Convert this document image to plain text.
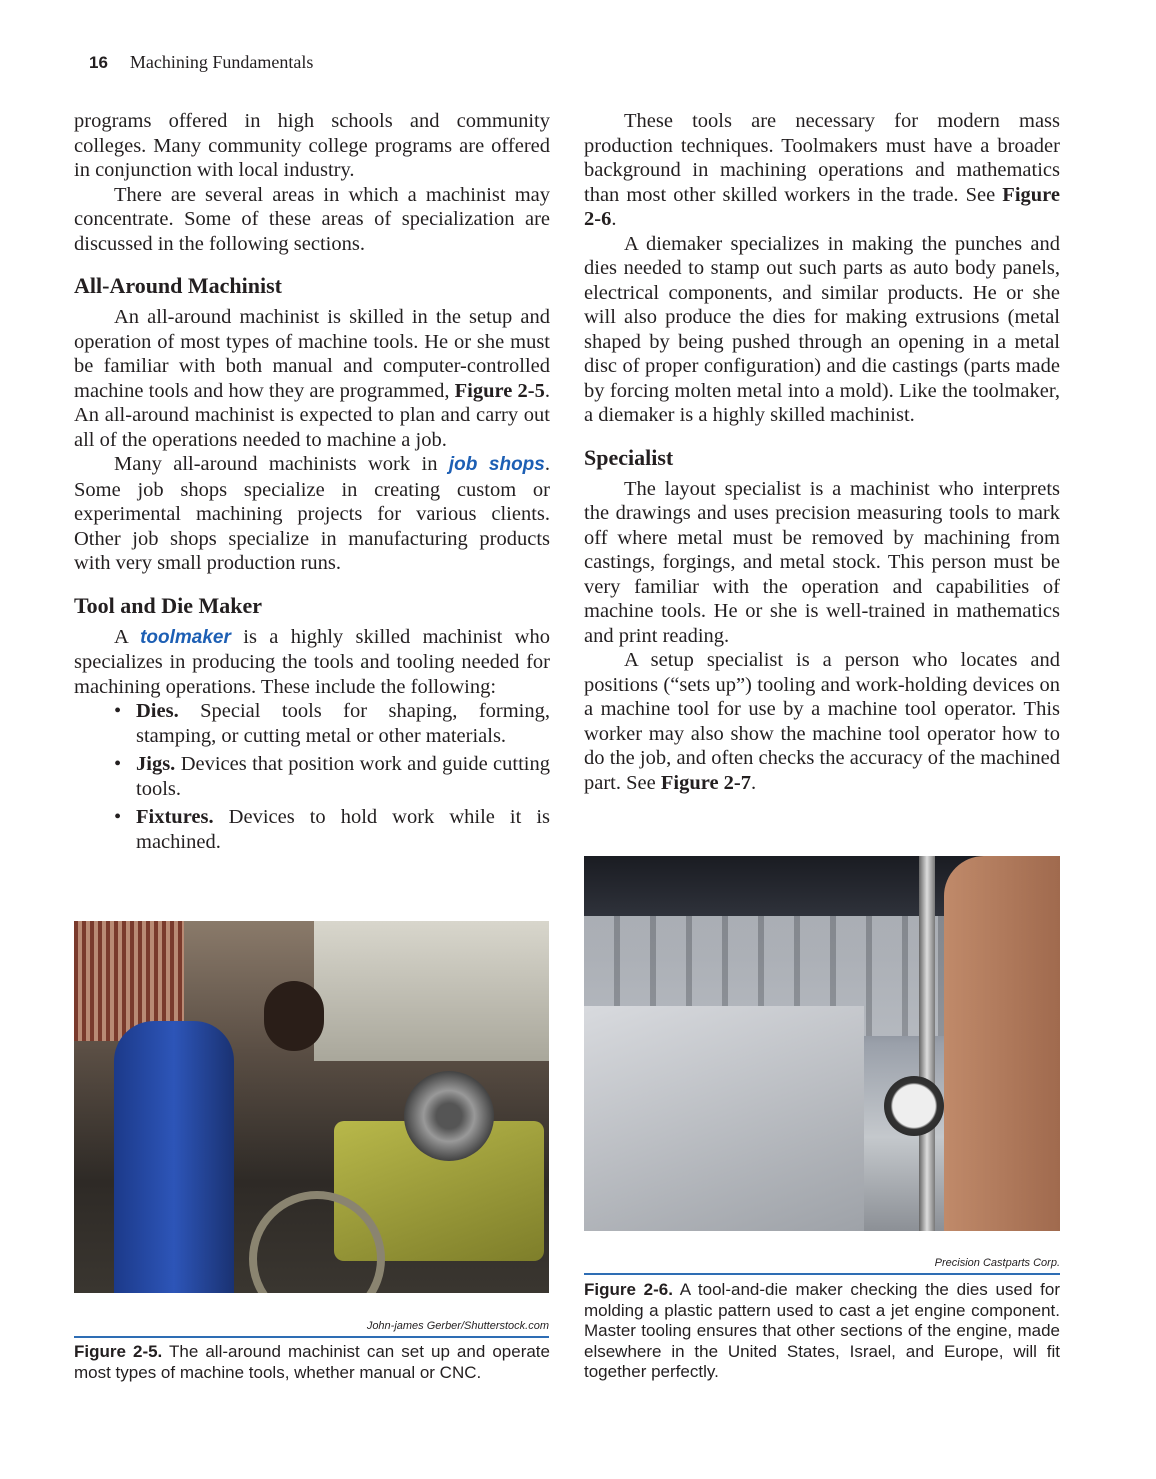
16 Machining Fundamentals

programs offered in high schools and community colleges. Many community college programs are offered in conjunction with local industry.

There are several areas in which a machinist may concentrate. Some of these areas of specialization are discussed in the following sections.

All-Around Machinist

An all-around machinist is skilled in the setup and operation of most types of machine tools. He or she must be familiar with both manual and computer-controlled machine tools and how they are programmed, Figure 2-5. An all-around machinist is expected to plan and carry out all of the operations needed to machine a job.

Many all-around machinists work in job shops. Some job shops specialize in creating custom or experimental machining projects for various clients. Other job shops specialize in manufacturing products with very small production runs.

Tool and Die Maker

A toolmaker is a highly skilled machinist who specializes in producing the tools and tooling needed for machining operations. These include the following:

• Dies. Special tools for shaping, forming, stamping, or cutting metal or other materials.
• Jigs. Devices that position work and guide cutting tools.
• Fixtures. Devices to hold work while it is machined.

These tools are necessary for modern mass production techniques. Toolmakers must have a broader background in machining operations and mathematics than most other skilled workers in the trade. See Figure 2-6.

A diemaker specializes in making the punches and dies needed to stamp out such parts as auto body panels, electrical components, and similar products. He or she will also produce the dies for making extrusions (metal shaped by being pushed through an opening in a metal disc of proper configuration) and die castings (parts made by forcing molten metal into a mold). Like the toolmaker, a diemaker is a highly skilled machinist.

Specialist

The layout specialist is a machinist who interprets the drawings and uses precision measuring tools to mark off where metal must be removed by machining from castings, forgings, and metal stock. This person must be very familiar with the operation and capabilities of machine tools. He or she is well-trained in mathematics and print reading.

A setup specialist is a person who locates and positions (“sets up”) tooling and work-holding devices on a machine tool for use by a machine tool operator. This worker may also show the machine tool operator how to do the job, and often checks the accuracy of the machined part. See Figure 2-7.

John-james Gerber/Shutterstock.com
Figure 2-5. The all-around machinist can set up and operate most types of machine tools, whether manual or CNC.
Precision Castparts Corp.
Figure 2-6. A tool-and-die maker checking the dies used for molding a plastic pattern used to cast a jet engine component. Master tooling ensures that other sections of the engine, made elsewhere in the United States, Israel, and Europe, will fit together perfectly.
